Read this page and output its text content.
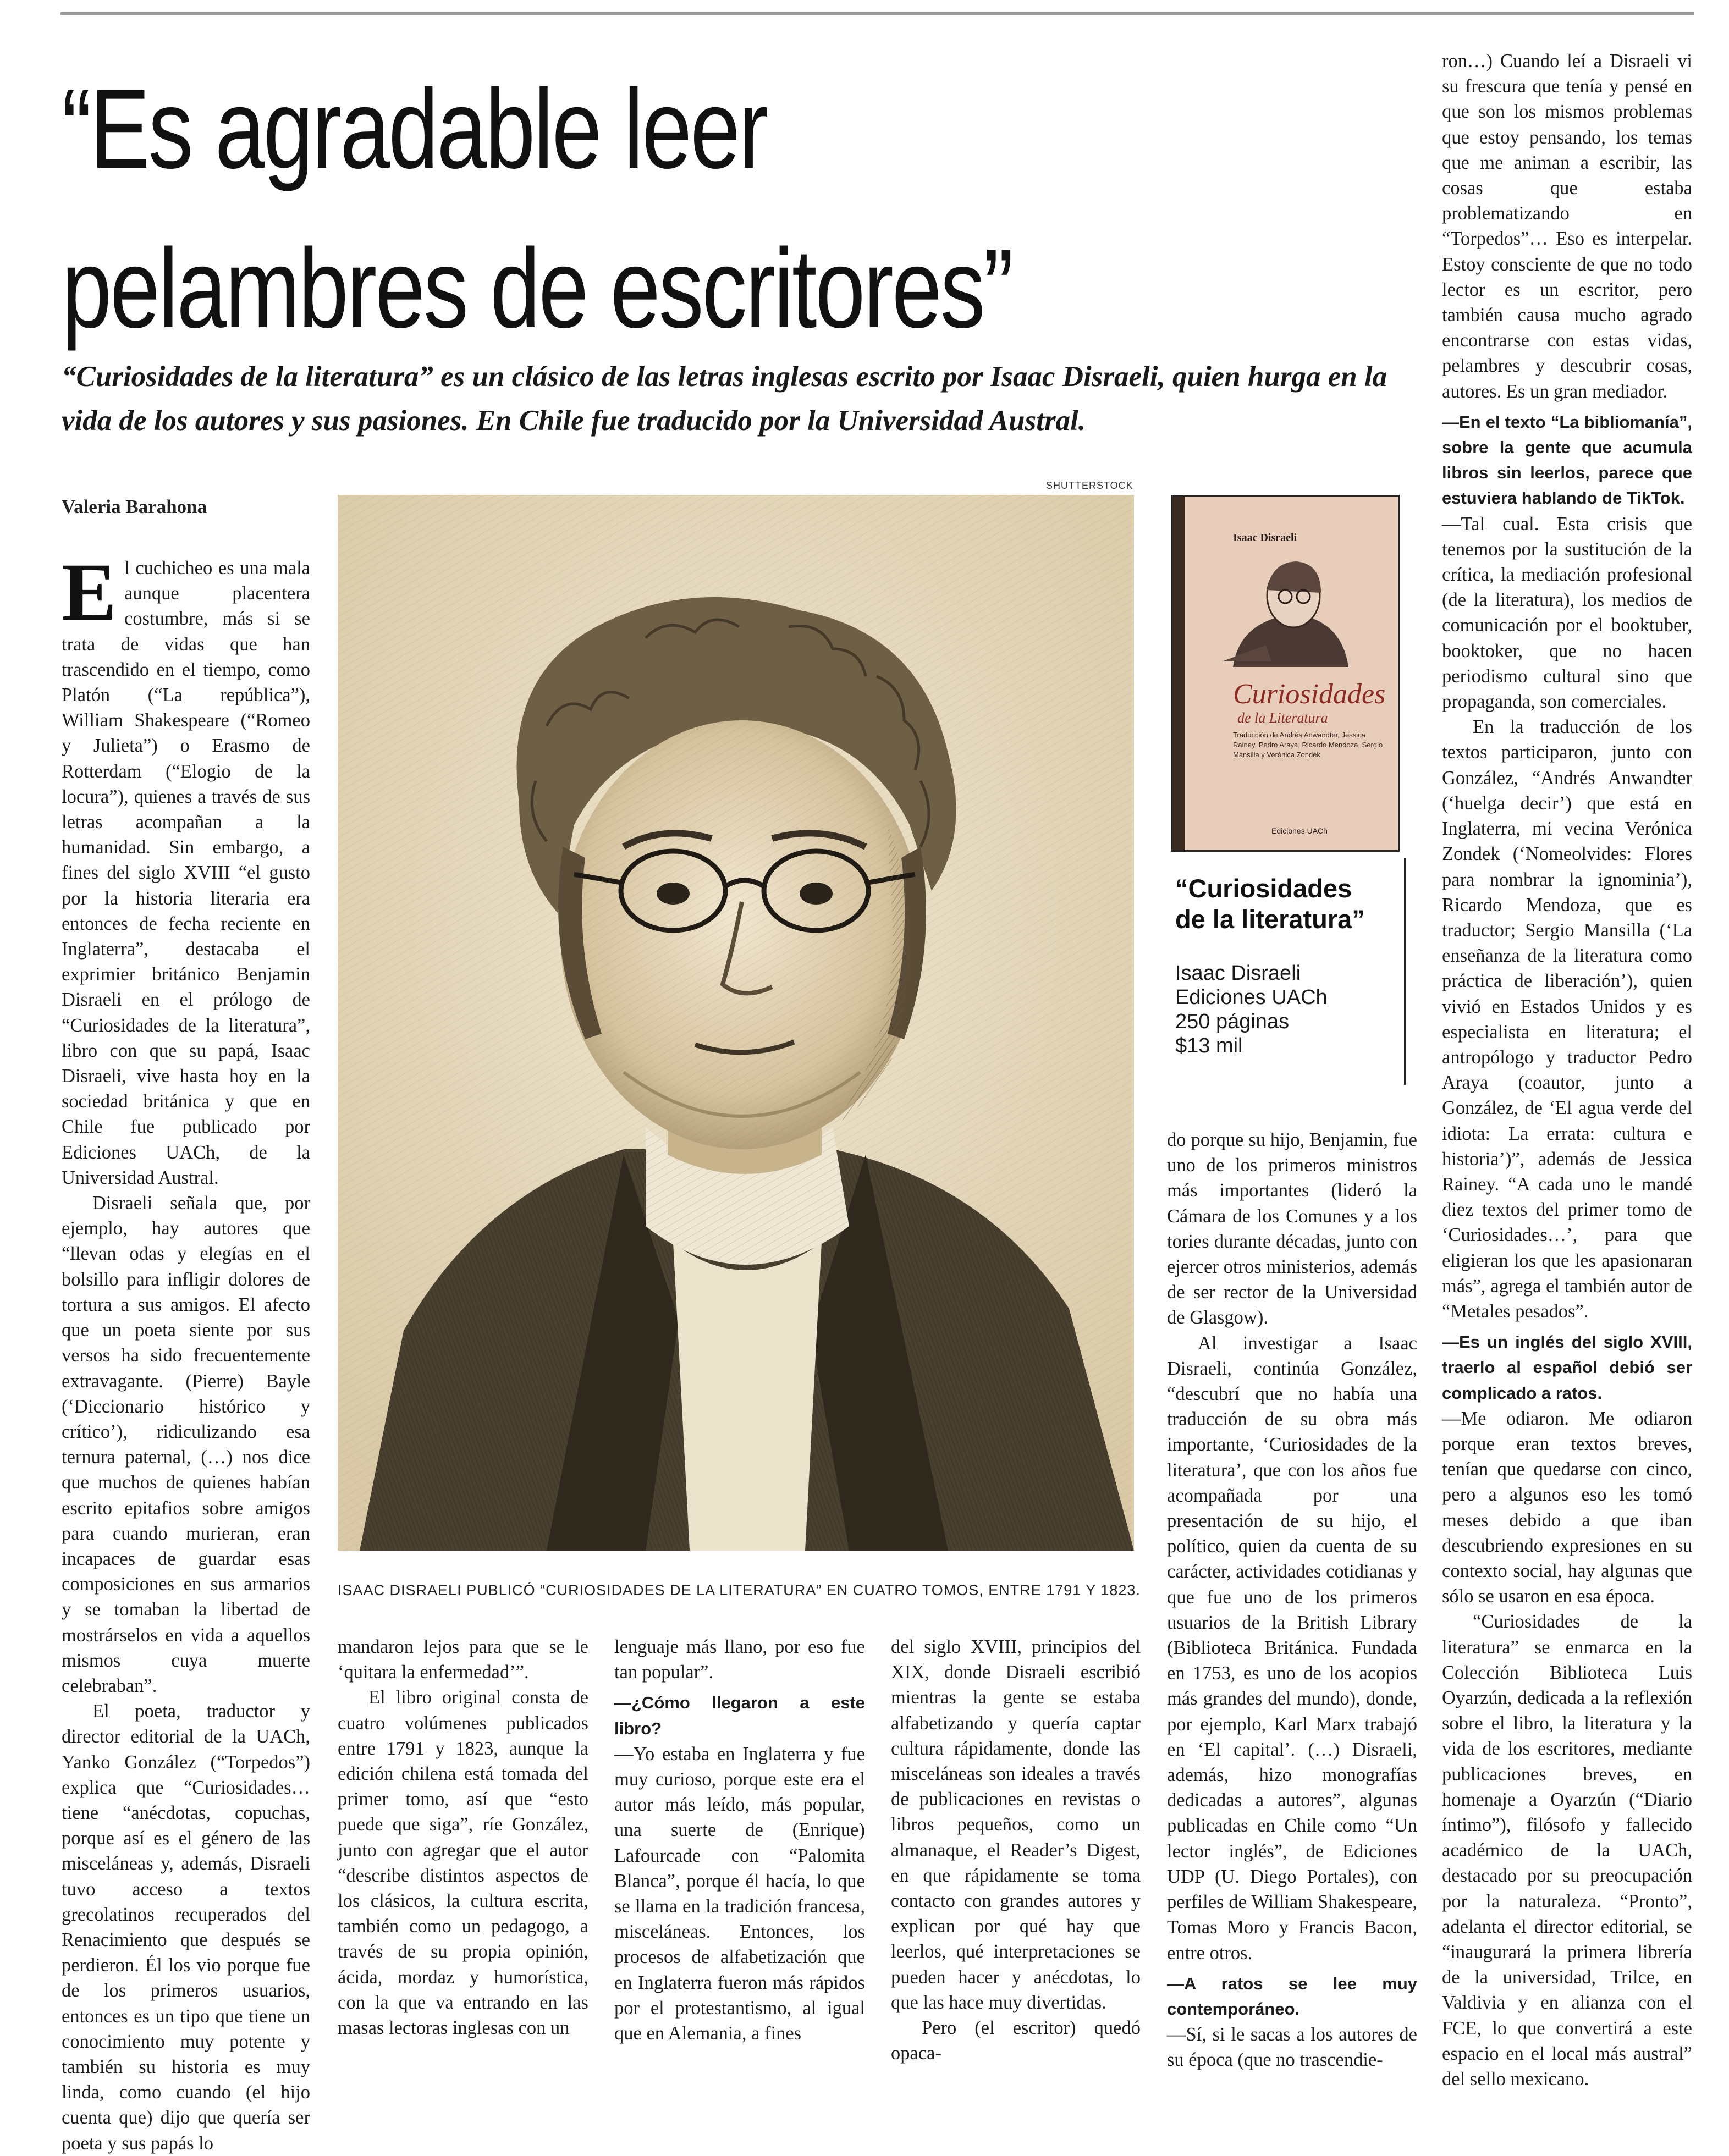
“Es agradable leer
pelambres de escritores”
“Curiosidades de la literatura” es un clásico de las letras inglesas escrito por Isaac Disraeli, quien hurga en la vida de los autores y sus pasiones. En Chile fue traducido por la Universidad Austral.
Valeria Barahona

El cuchicheo es una mala aunque placentera costumbre, más si se trata de vidas que han trascendido en el tiempo, como Platón (“La república”), William Shakespeare (“Romeo y Julieta”) o Erasmo de Rotterdam (“Elogio de la locura”), quienes a través de sus letras acompañan a la humanidad. Sin embargo, a fines del siglo XVIII “el gusto por la historia literaria era entonces de fecha reciente en Inglaterra”, destacaba el exprimier británico Benjamin Disraeli en el prólogo de “Curiosidades de la literatura”, libro con que su papá, Isaac Disraeli, vive hasta hoy en la sociedad británica y que en Chile fue publicado por Ediciones UACh, de la Universidad Austral.

Disraeli señala que, por ejemplo, hay autores que “llevan odas y elegías en el bolsillo para infligir dolores de tortura a sus amigos. El afecto que un poeta siente por sus versos ha sido frecuentemente extravagante. (Pierre) Bayle (‘Diccionario histórico y crítico’), ridiculizando esa ternura paternal, (…) nos dice que muchos de quienes habían escrito epitafios sobre amigos para cuando murieran, eran incapaces de guardar esas composiciones en sus armarios y se tomaban la libertad de mostrárselos en vida a aquellos mismos cuya muerte celebraban”.

El poeta, traductor y director editorial de la UACh, Yanko González (“Torpedos”) explica que “Curiosidades… tiene “anécdotas, copuchas, porque así es el género de las misceláneas y, además, Disraeli tuvo acceso a textos grecolatinos recuperados del Renacimiento que después se perdieron. Él los vio porque fue de los primeros usuarios, entonces es un tipo que tiene un conocimiento muy potente y también su historia es muy linda, como cuando (el hijo cuenta que) dijo que quería ser poeta y sus papás lo

SHUTTERSTOCK
ISAAC DISRAELI PUBLICÓ “CURIOSIDADES DE LA LITERATURA” EN CUATRO TOMOS, ENTRE 1791 Y 1823.
Isaac Disraeli
Curiosidades
de la Literatura
Traducción de Andrés Anwandter, Jessica Rainey, Pedro Araya, Ricardo Mendoza, Sergio Mansilla y Verónica Zondek
Ediciones UACh
“Curiosidades
de la literatura”
Isaac Disraeli
Ediciones UACh
250 páginas
$13 mil

mandaron lejos para que se le ‘quitara la enfermedad’”.

El libro original consta de cuatro volúmenes publicados entre 1791 y 1823, aunque la edición chilena está tomada del primer tomo, así que “esto puede que siga”, ríe González, junto con agregar que el autor “describe distintos aspectos de los clásicos, la cultura escrita, también como un pedagogo, a través de su propia opinión, ácida, mordaz y humorística, con la que va entrando en las masas lectoras inglesas con un

lenguaje más llano, por eso fue tan popular”.

—¿Cómo llegaron a este libro?

—Yo estaba en Inglaterra y fue muy curioso, porque este era el autor más leído, más popular, una suerte de (Enrique) Lafourcade con “Palomita Blanca”, porque él hacía, lo que se llama en la tradición francesa, misceláneas. Entonces, los procesos de alfabetización que en Inglaterra fueron más rápidos por el protestantismo, al igual que en Alemania, a fines

del siglo XVIII, principios del XIX, donde Disraeli escribió mientras la gente se estaba alfabetizando y quería captar cultura rápidamente, donde las misceláneas son ideales a través de publicaciones en revistas o libros pequeños, como un almanaque, el Reader’s Digest, en que rápidamente se toma contacto con grandes autores y explican por qué hay que leerlos, qué interpretaciones se pueden hacer y anécdotas, lo que las hace muy divertidas.

Pero (el escritor) quedó opaca-

do porque su hijo, Benjamin, fue uno de los primeros ministros más importantes (lideró la Cámara de los Comunes y a los tories durante décadas, junto con ejercer otros ministerios, además de ser rector de la Universidad de Glasgow).

Al investigar a Isaac Disraeli, continúa González, “descubrí que no había una traducción de su obra más importante, ‘Curiosidades de la literatura’, que con los años fue acompañada por una presentación de su hijo, el político, quien da cuenta de su carácter, actividades cotidianas y que fue uno de los primeros usuarios de la British Library (Biblioteca Británica. Fundada en 1753, es uno de los acopios más grandes del mundo), donde, por ejemplo, Karl Marx trabajó en ‘El capital’. (…) Disraeli, además, hizo monografías dedicadas a autores”, algunas publicadas en Chile como “Un lector inglés”, de Ediciones UDP (U. Diego Portales), con perfiles de William Shakespeare, Tomas Moro y Francis Bacon, entre otros.

—A ratos se lee muy contemporáneo.

—Sí, si le sacas a los autores de su época (que no trascendie-

ron…) Cuando leí a Disraeli vi su frescura que tenía y pensé en que son los mismos problemas que estoy pensando, los temas que me animan a escribir, las cosas que estaba problematizando en “Torpedos”… Eso es interpelar. Estoy consciente de que no todo lector es un escritor, pero también causa mucho agrado encontrarse con estas vidas, pelambres y descubrir cosas, autores. Es un gran mediador.

—En el texto “La bibliomanía”, sobre la gente que acumula libros sin leerlos, parece que estuviera hablando de TikTok.

—Tal cual. Esta crisis que tenemos por la sustitución de la crítica, la mediación profesional (de la literatura), los medios de comunicación por el booktuber, booktoker, que no hacen periodismo cultural sino que propaganda, son comerciales.

En la traducción de los textos participaron, junto con González, “Andrés Anwandter (‘huelga decir’) que está en Inglaterra, mi vecina Verónica Zondek (‘Nomeolvides: Flores para nombrar la ignominia’), Ricardo Mendoza, que es traductor; Sergio Mansilla (‘La enseñanza de la literatura como práctica de liberación’), quien vivió en Estados Unidos y es especialista en literatura; el antropólogo y traductor Pedro Araya (coautor, junto a González, de ‘El agua verde del idiota: La errata: cultura e historia’)”, además de Jessica Rainey. “A cada uno le mandé diez textos del primer tomo de ‘Curiosidades…’, para que eligieran los que les apasionaran más”, agrega el también autor de “Metales pesados”.

—Es un inglés del siglo XVIII, traerlo al español debió ser complicado a ratos.

—Me odiaron. Me odiaron porque eran textos breves, tenían que quedarse con cinco, pero a algunos eso les tomó meses debido a que iban descubriendo expresiones en su contexto social, hay algunas que sólo se usaron en esa época.

“Curiosidades de la literatura” se enmarca en la Colección Biblioteca Luis Oyarzún, dedicada a la reflexión sobre el libro, la literatura y la vida de los escritores, mediante publicaciones breves, en homenaje a Oyarzún (“Diario íntimo”), filósofo y fallecido académico de la UACh, destacado por su preocupación por la naturaleza. “Pronto”, adelanta el director editorial, se “inaugurará la primera librería de la universidad, Trilce, en Valdivia y en alianza con el FCE, lo que convertirá a este espacio en el local más austral” del sello mexicano.
